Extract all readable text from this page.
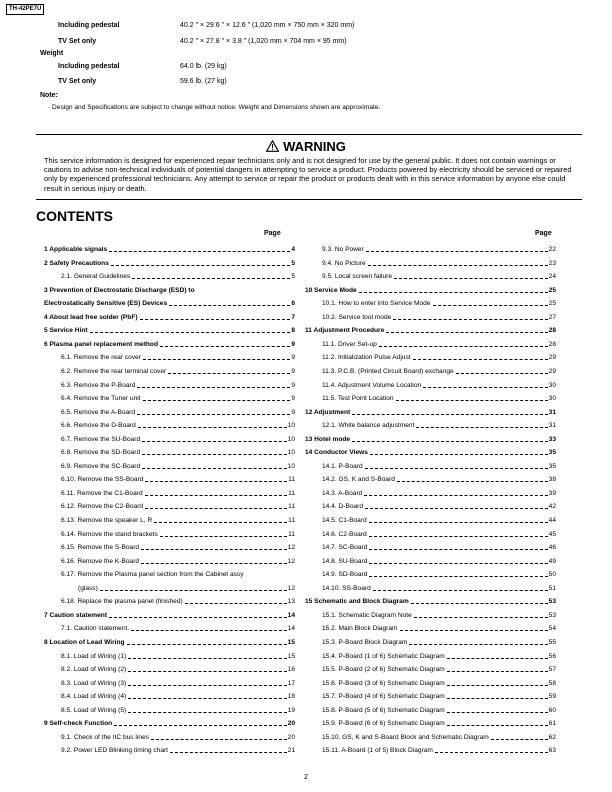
TH-42PE7U
Including pedestal	40.2 " × 29.6 " × 12.6 " (1,020 mm × 750 mm × 320 mm)
TV Set only	40.2 " × 27.8 " × 3.8 " (1,020 mm × 704 mm × 95 mm)
Weight
Including pedestal	64.0 lb. (29 kg)
TV Set only	59.6 lb. (27 kg)
Note:
· Design and Specifications are subject to change without notice. Weight and Dimensions shown are approximate.
WARNING
This service information is designed for experienced repair technicians only and is not designed for use by the general public. It does not contain warnings or cautions to advise non-technical individuals of potential dangers in attempting to service a product. Products powered by electricity should be serviced or repaired only by experienced professional technicians. Any attempt to service or repair the product or products dealt with in this service information by anyone else could result in serious injury or death.
CONTENTS
Page	Page
1 Applicable signals	4
2 Safety Precautions	5
2.1. General Guidelines	5
3 Prevention of Electrostatic Discharge (ESD) to
Electrostatically Sensitive (ES) Devices	6
4 About lead free solder (PbF)	7
5 Service Hint	8
6 Plasma panel replacement method	9
6.1. Remove the rear cover	9
6.2. Remove the rear terminal cover	9
6.3. Remove the P-Board	9
6.4. Remove the Tuner unit	9
6.5. Remove the A-Board	9
6.6. Remove the D-Board	10
6.7. Remove the SU-Board	10
6.8. Remove the SD-Board	10
6.9. Remove the SC-Board	10
6.10. Remove the SS-Board	11
6.11. Remove the C1-Board	11
6.12. Remove the C2-Board	11
6.13. Remove the speaker L, R	11
6.14. Remove the stand brackets	11
6.15. Remove the S-Board	12
6.16. Remove the K-Board	12
6.17. Remove the Plasma panel section from the Cabinet assy
(glass)	12
6.18. Replace the plasma panel (finished)	13
7 Caution statement	14
7.1. Caution statement.	14
8 Location of Lead Wiring	15
8.1. Load of Wiring (1)	15
8.2. Load of Wiring (2)	16
8.3. Load of Wiring (3)	17
8.4. Load of Wiring (4)	18
8.5. Load of Wiring (5)	19
9 Self-check Function	20
9.1. Check of the IIC bus lines	20
9.2. Power LED Blinking timing chart	21
9.3. No Power	22
9.4. No Picture	23
9.5. Local screen failure	24
10 Service Mode	25
10.1. How to enter into Service Mode	25
10.2. Service tool mode	27
11 Adjustment Procedure	28
11.1. Driver Set-up	28
11.2. Initialization Pulse Adjust	29
11.3. P.C.B. (Printed Circuit Board) exchange	29
11.4. Adjustment Volume Location	30
11.5. Test Point Location	30
12 Adjustment	31
12.1. White balance adjustment	31
13 Hotel mode	33
14 Conductor Views	35
14.1. P-Board	35
14.2. GS, K and S-Board	38
14.3. A-Board	39
14.4. D-Board	42
14.5. C1-Board	44
14.6. C2-Board	45
14.7. SC-Board	46
14.8. SU-Board	49
14.9. SD-Board	50
14.10. SS-Board	51
15 Schematic and Block Diagram	53
15.1. Schematic Diagram Note	53
15.2. Main Block Diagram	54
15.3. P-Board Block Diagram	55
15.4. P-Board (1 of 6) Schematic Diagram	56
15.5. P-Board (2 of 6) Schematic Diagram	57
15.6. P-Board (3 of 6) Schematic Diagram	58
15.7. P-Board (4 of 6) Schematic Diagram	59
15.8. P-Board (5 of 6) Schematic Diagram	60
15.9. P-Board (6 of 6) Schematic Diagram	61
15.10. GS, K and S-Board Block and Schematic Diagram	62
15.11. A-Board (1 of 5) Block Diagram	63
2
